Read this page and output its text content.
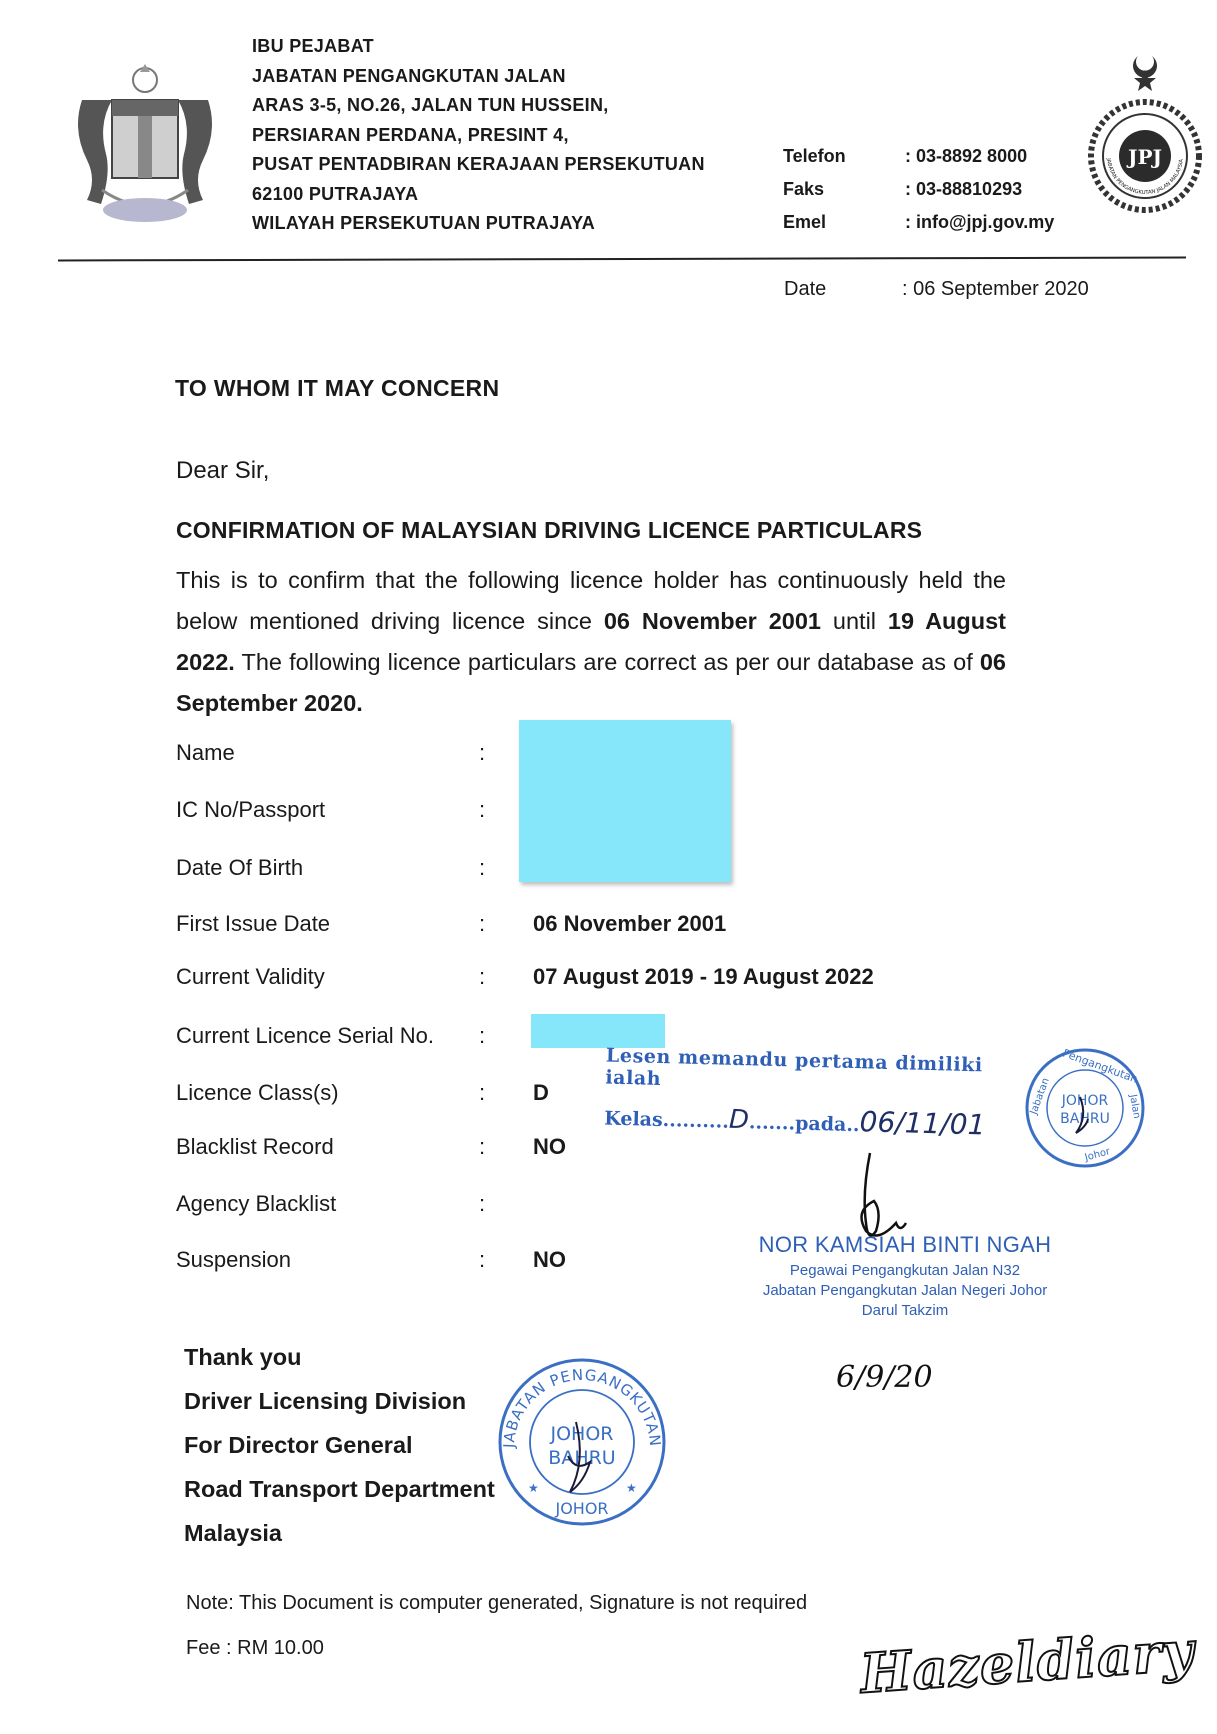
IBU PEJABAT
JABATAN PENGANGKUTAN JALAN
ARAS 3-5, NO.26, JALAN TUN HUSSEIN,
PERSIARAN PERDANA, PRESINT 4,
PUSAT PENTADBIRAN KERAJAAN PERSEKUTUAN
62100 PUTRAJAYA
WILAYAH PERSEKUTUAN PUTRAJAYA
Telefon	: 03-8892 8000
Faks	: 03-88810293
Emel	: info@jpj.gov.my
JPJ
JABATAN PENGANGKUTAN JALAN MALAYSIA
Date	: 06 September 2020
TO WHOM IT MAY CONCERN
Dear Sir,
CONFIRMATION OF MALAYSIAN DRIVING LICENCE PARTICULARS
This is to confirm that the following licence holder has continuously held the below mentioned driving licence since 06 November 2001 until 19 August 2022. The following licence particulars are correct as per our database as of 06 September 2020.
Name	:
IC No/Passport	:
Date Of Birth	:
First Issue Date	: 06 November 2001
Current Validity	: 07 August 2019 - 19 August 2022
Current Licence Serial No. :
Licence Class(s)	: D
Blacklist Record	: NO
Agency Blacklist	:
Suspension	: NO
Lesen memandu pertama dimiliki ialah
Kelas..........D.......pada..06/11/01
Pengangkutan
Jabatan	Jalan
JOHOR
BAHRU
Johor
NOR KAMSIAH BINTI NGAH
Pegawai Pengangkutan Jalan N32
Jabatan Pengangkutan Jalan Negeri Johor
Darul Takzim
6/9/20
Thank you
Driver Licensing Division
For Director General
Road Transport Department
Malaysia
JABATAN PENGANGKUTAN
JOHOR
BAHRU
JOHOR
★	★
Note: This Document is computer generated, Signature is not required
Fee : RM 10.00	Hazeldiary
